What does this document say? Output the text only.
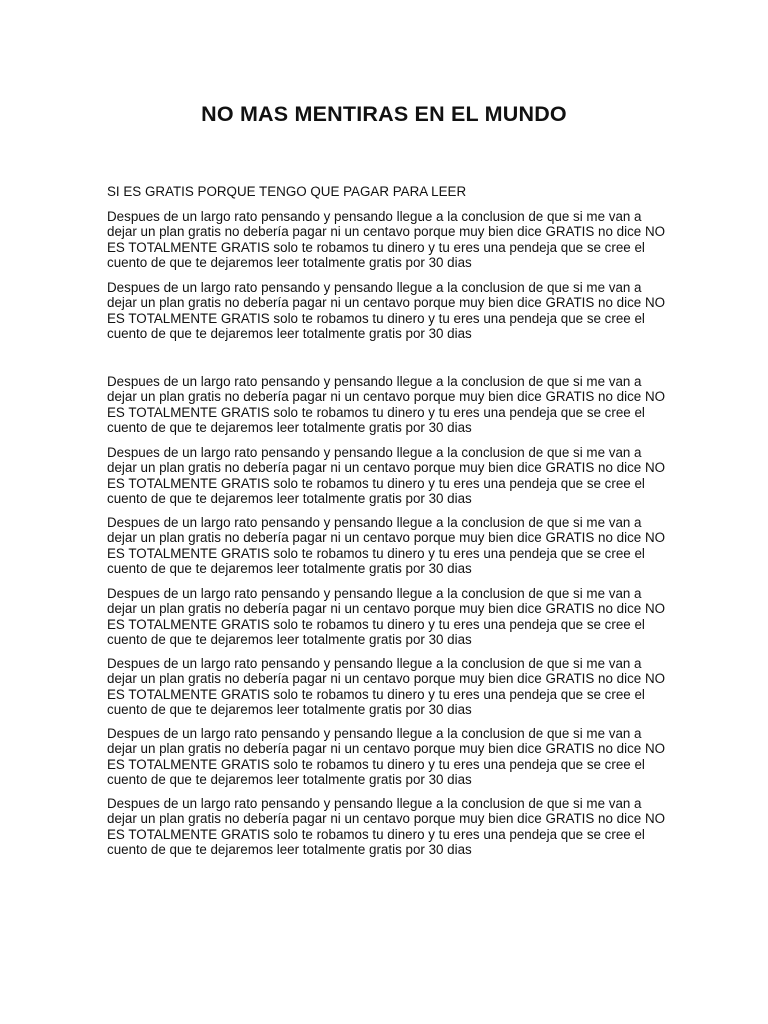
NO MAS MENTIRAS EN EL MUNDO

SI ES GRATIS PORQUE TENGO QUE PAGAR PARA LEER

Despues de un largo rato pensando y pensando llegue a la conclusion de que si me van a
dejar un plan gratis no debería pagar ni un centavo porque muy bien dice GRATIS no dice NO
ES TOTALMENTE GRATIS solo te robamos tu dinero y tu eres una pendeja que se cree el
cuento de que te dejaremos leer totalmente gratis por 30 dias

Despues de un largo rato pensando y pensando llegue a la conclusion de que si me van a
dejar un plan gratis no debería pagar ni un centavo porque muy bien dice GRATIS no dice NO
ES TOTALMENTE GRATIS solo te robamos tu dinero y tu eres una pendeja que se cree el
cuento de que te dejaremos leer totalmente gratis por 30 dias

Despues de un largo rato pensando y pensando llegue a la conclusion de que si me van a
dejar un plan gratis no debería pagar ni un centavo porque muy bien dice GRATIS no dice NO
ES TOTALMENTE GRATIS solo te robamos tu dinero y tu eres una pendeja que se cree el
cuento de que te dejaremos leer totalmente gratis por 30 dias

Despues de un largo rato pensando y pensando llegue a la conclusion de que si me van a
dejar un plan gratis no debería pagar ni un centavo porque muy bien dice GRATIS no dice NO
ES TOTALMENTE GRATIS solo te robamos tu dinero y tu eres una pendeja que se cree el
cuento de que te dejaremos leer totalmente gratis por 30 dias

Despues de un largo rato pensando y pensando llegue a la conclusion de que si me van a
dejar un plan gratis no debería pagar ni un centavo porque muy bien dice GRATIS no dice NO
ES TOTALMENTE GRATIS solo te robamos tu dinero y tu eres una pendeja que se cree el
cuento de que te dejaremos leer totalmente gratis por 30 dias

Despues de un largo rato pensando y pensando llegue a la conclusion de que si me van a
dejar un plan gratis no debería pagar ni un centavo porque muy bien dice GRATIS no dice NO
ES TOTALMENTE GRATIS solo te robamos tu dinero y tu eres una pendeja que se cree el
cuento de que te dejaremos leer totalmente gratis por 30 dias

Despues de un largo rato pensando y pensando llegue a la conclusion de que si me van a
dejar un plan gratis no debería pagar ni un centavo porque muy bien dice GRATIS no dice NO
ES TOTALMENTE GRATIS solo te robamos tu dinero y tu eres una pendeja que se cree el
cuento de que te dejaremos leer totalmente gratis por 30 dias

Despues de un largo rato pensando y pensando llegue a la conclusion de que si me van a
dejar un plan gratis no debería pagar ni un centavo porque muy bien dice GRATIS no dice NO
ES TOTALMENTE GRATIS solo te robamos tu dinero y tu eres una pendeja que se cree el
cuento de que te dejaremos leer totalmente gratis por 30 dias

Despues de un largo rato pensando y pensando llegue a la conclusion de que si me van a
dejar un plan gratis no debería pagar ni un centavo porque muy bien dice GRATIS no dice NO
ES TOTALMENTE GRATIS solo te robamos tu dinero y tu eres una pendeja que se cree el
cuento de que te dejaremos leer totalmente gratis por 30 dias
